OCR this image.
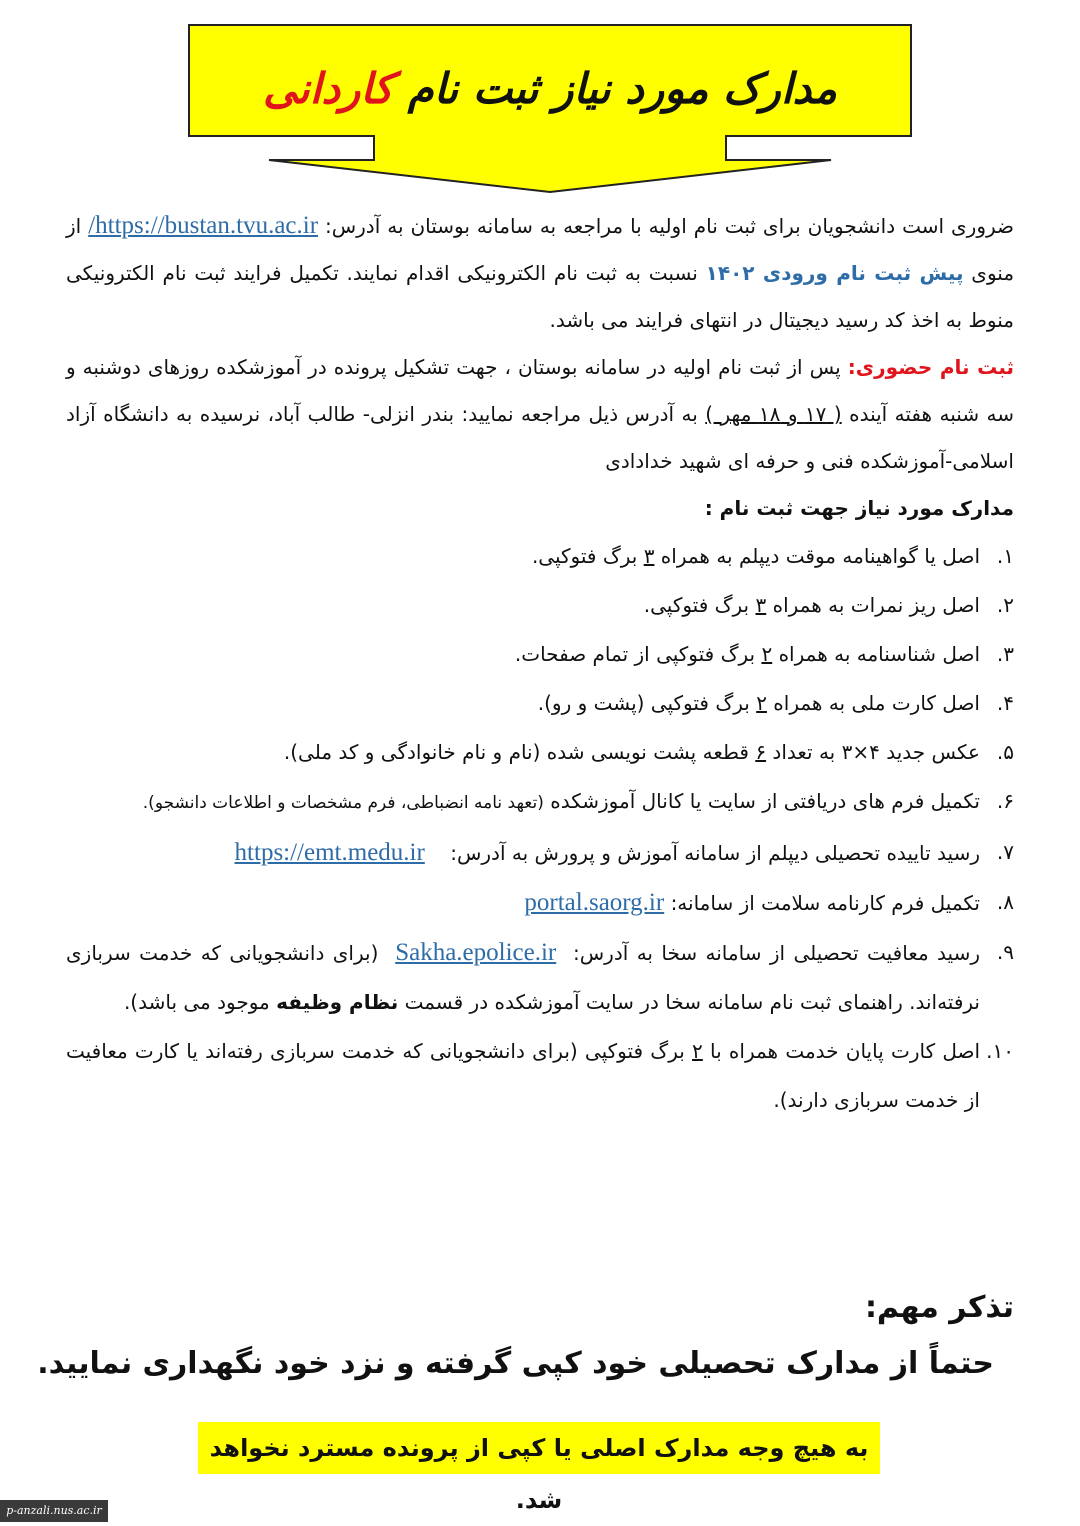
مدارک مورد نیاز ثبت نام کاردانی

ضروری است دانشجویان برای ثبت نام اولیه با مراجعه به سامانه بوستان به آدرس: https://bustan.tvu.ac.ir/ از منوی پیش ثبت نام ورودی ۱۴۰۲ نسبت به ثبت نام الکترونیکی اقدام نمایند. تکمیل فرایند ثبت نام الکترونیکی منوط به اخذ کد رسید دیجیتال در انتهای فرایند می باشد.

ثبت نام حضوری: پس از ثبت نام اولیه در سامانه بوستان ، جهت تشکیل پرونده در آموزشکده روزهای دوشنبه و سه شنبه هفته آینده ( ۱۷ و ۱۸ مهر ) به آدرس ذیل مراجعه نمایید: بندر انزلی- طالب آباد، نرسیده به دانشگاه آزاد اسلامی-آموزشکده فنی و حرفه ای شهید خدادادی

مدارک مورد نیاز جهت ثبت نام :

۱.
اصل یا گواهینامه موقت دیپلم به همراه ۳ برگ فتوکپی.
۲.
اصل ریز نمرات به همراه ۳ برگ فتوکپی.
۳.
اصل شناسنامه به همراه ۲ برگ فتوکپی از تمام صفحات.
۴.
اصل کارت ملی به همراه ۲ برگ فتوکپی (پشت و رو).
۵.
عکس جدید ۴×۳ به تعداد ۶ قطعه پشت نویسی شده (نام و نام خانوادگی و کد ملی).
۶.
تکمیل فرم های دریافتی از سایت یا کانال آموزشکده (تعهد نامه انضباطی، فرم مشخصات و اطلاعات دانشجو).
۷.
رسید تاییده تحصیلی دیپلم از سامانه آموزش و پرورش به آدرس:    https://emt.medu.ir
۸.
تکمیل فرم کارنامه سلامت از سامانه: portal.saorg.ir
۹.
رسید معافیت تحصیلی از سامانه سخا به آدرس:  Sakha.epolice.ir  (برای دانشجویانی که خدمت سربازی نرفته‌اند. راهنمای ثبت نام سامانه سخا در سایت آموزشکده در قسمت نظام وظیفه موجود می باشد).
۱۰.
اصل کارت پایان خدمت همراه با ۲ برگ فتوکپی (برای دانشجویانی که خدمت سربازی رفته‌اند یا کارت معافیت از خدمت سربازی دارند).
تذکر مهم:
حتماً از مدارک تحصیلی خود کپی گرفته و نزد خود نگهداری نمایید.
به هیچ وجه مدارک اصلی یا کپی از پرونده مسترد نخواهد شد.
p-anzali.nus.ac.ir
